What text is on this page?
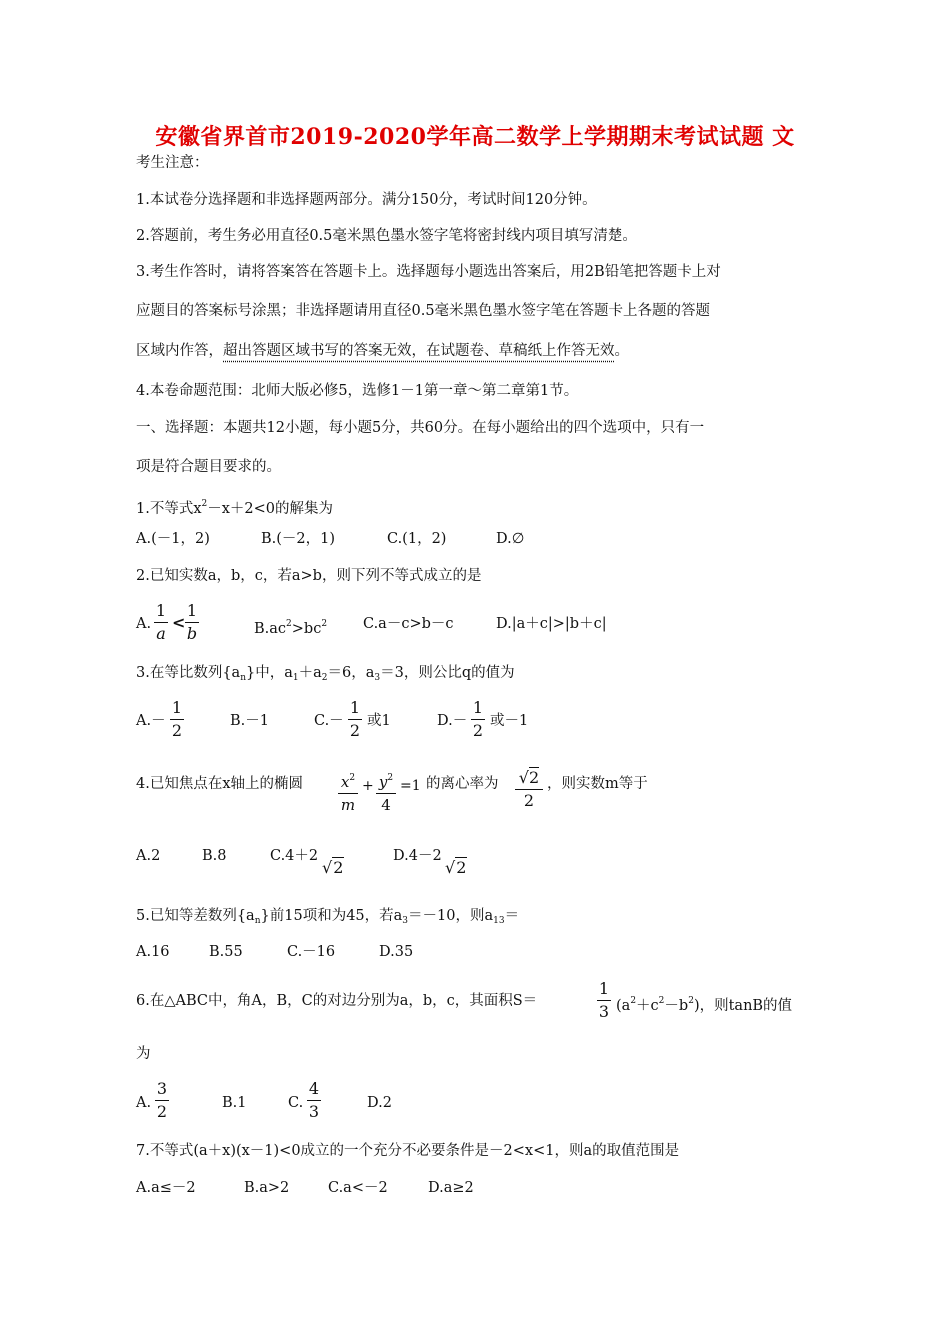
安徽省界首市2019-2020学年高二数学上学期期末考试试题 文
考生注意：
1.本试卷分选择题和非选择题两部分。满分150分，考试时间120分钟。
2.答题前，考生务必用直径0.5毫米黑色墨水签字笔将密封线内项目填写清楚。
3.考生作答时，请将答案答在答题卡上。选择题每小题选出答案后，用2B铅笔把答题卡上对
应题目的答案标号涂黑；非选择题请用直径0.5毫米黑色墨水签字笔在答题卡上各题的答题
区域内作答，超出答题区域书写的答案无效，在试题卷、草稿纸上作答无效。
4.本卷命题范围：北师大版必修5，选修1－1第一章～第二章第1节。
一、选择题：本题共12小题，每小题5分，共60分。在每小题给出的四个选项中，只有一
项是符合题目要求的。
1.不等式$x^2-x+2<0$的解集为
A.(－1，2)	B.(－2，1)	C.(1，2)	D.∅
2.已知实数a，b，c，若a>b，则下列不等式成立的是
A.
1
a
<
1
b	$B.ac^2>bc^2$ C.a－c>b－c	D.|a＋c|>|b＋c|
3.在等比数列$\{a_n\}$中，$a_1+a_2=6$，$a_3=3$，则公比q的值为
A.－
1
2	B.－1	C.－
1
2 或1	D.－
1
2 或－1
4.已知焦点在x轴上的椭圆	$x^2$
m
+ $y^2$
4
=1 的离心率为 √2
2
，则实数m等于
A.2	B.8	C.4＋2
√2
D.4－2
√2
5.已知等差数列$\{a_n\}$前15项和为45，若$a_3=-10$，则$a_{13}=$
A.16	B.55	C.－16	D.35
6.在△ABC中，角A，B，C的对边分别为a，b，c，其面积S＝
1
3 $(a^2+c^2-b^2)$，则tanB的值
为
A.
3
2	B.1	C.
4
3	D.2
7.不等式(a＋x)(x－1)<0成立的一个充分不必要条件是－2<x<1，则a的取值范围是
A.a≤－2	B.a>2	C.a<－2	D.a≥2
